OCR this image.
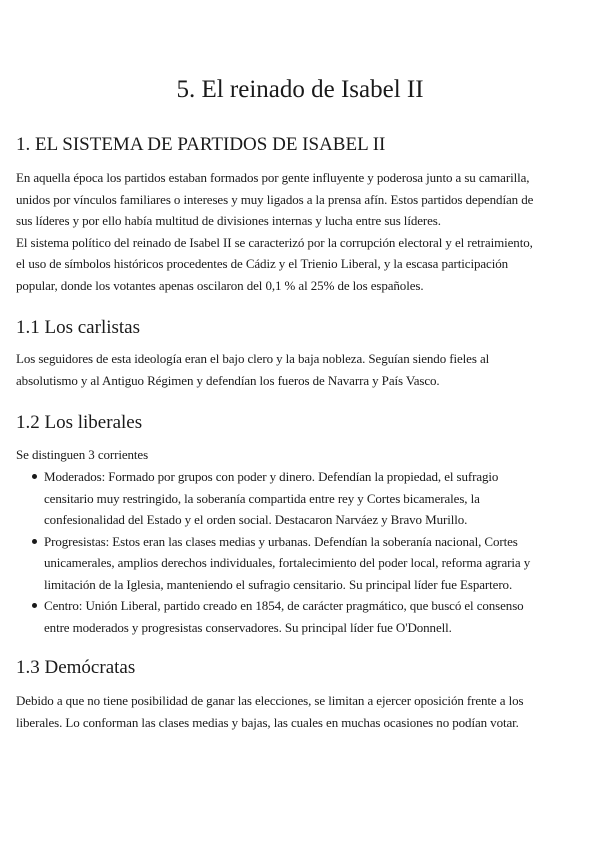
5. El reinado de Isabel II
1. EL SISTEMA DE PARTIDOS DE ISABEL II

En aquella época los partidos estaban formados por gente influyente y poderosa junto a su camarilla,
unidos por vínculos familiares o intereses y muy ligados a la prensa afín. Estos partidos dependían de
sus líderes y por ello había multitud de divisiones internas y lucha entre sus líderes.
El sistema político del reinado de Isabel II se caracterizó por la corrupción electoral y el retraimiento,
el uso de símbolos históricos procedentes de Cádiz y el Trienio Liberal, y la escasa participación
popular, donde los votantes apenas oscilaron del 0,1 % al 25% de los españoles.

1.1 Los carlistas

Los seguidores de esta ideología eran el bajo clero y la baja nobleza. Seguían siendo fieles al
absolutismo y al Antiguo Régimen y defendían los fueros de Navarra y País Vasco.

1.2 Los liberales

Se distinguen 3 corrientes

Moderados: Formado por grupos con poder y dinero. Defendían la propiedad, el sufragio
censitario muy restringido, la soberanía compartida entre rey y Cortes bicamerales, la
confesionalidad del Estado y el orden social. Destacaron Narváez y Bravo Murillo.
Progresistas: Estos eran las clases medias y urbanas. Defendían la soberanía nacional, Cortes
unicamerales, amplios derechos individuales, fortalecimiento del poder local, reforma agraria y
limitación de la Iglesia, manteniendo el sufragio censitario. Su principal líder fue Espartero.
Centro: Unión Liberal, partido creado en 1854, de carácter pragmático, que buscó el consenso
entre moderados y progresistas conservadores. Su principal líder fue O'Donnell.
1.3 Demócratas

Debido a que no tiene posibilidad de ganar las elecciones, se limitan a ejercer oposición frente a los
liberales. Lo conforman las clases medias y bajas, las cuales en muchas ocasiones no podían votar.
